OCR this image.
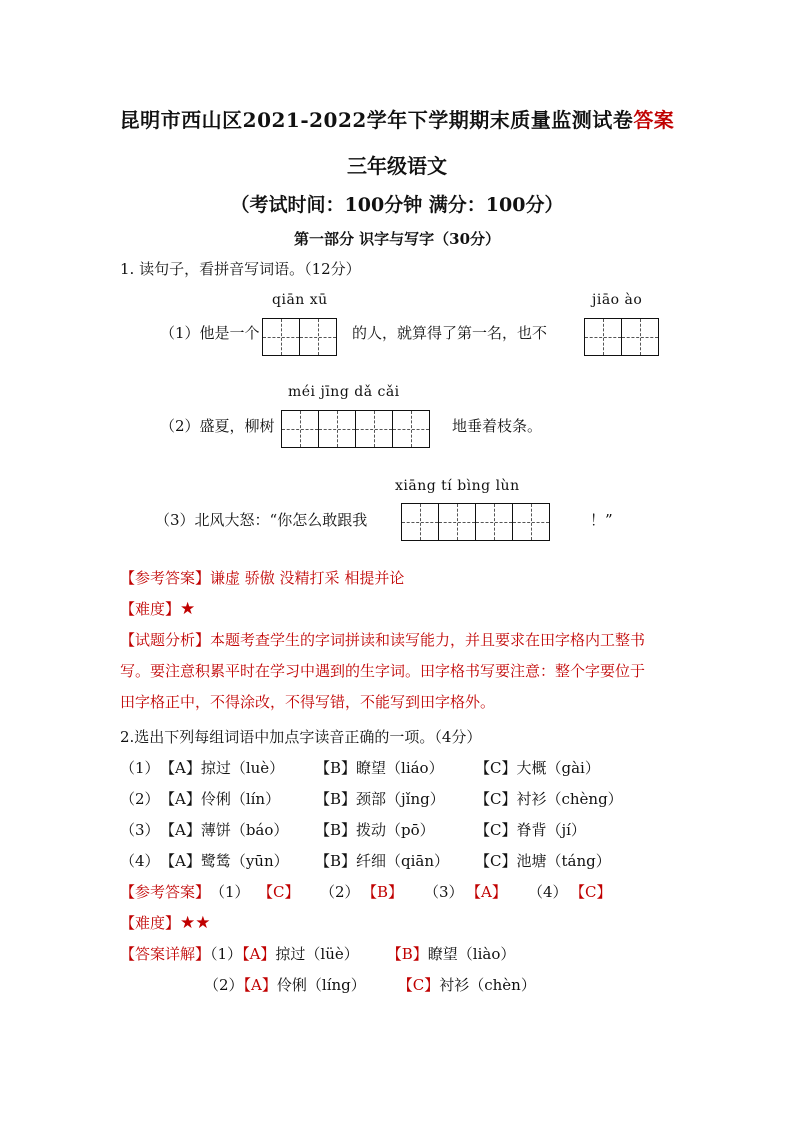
昆明市西山区2021-2022学年下学期期末质量监测试卷答案
三年级语文
（考试时间：100分钟 满分：100分）
第一部分 识字与写字（30分）
1. 读句子，看拼音写词语。（12分）
qiān xū	jiāo ào
（1）他是一个	的人，就算得了第一名，也不
méi jīng dǎ cǎi
（2）盛夏，柳树	地垂着枝条。
xiāng tí bìng lùn
（3）北风大怒：“你怎么敢跟我	！”
【参考答案】谦虚 骄傲 没精打采 相提并论
【难度】★
【试题分析】本题考查学生的字词拼读和读写能力，并且要求在田字格内工整书
写。要注意积累平时在学习中遇到的生字词。田字格书写要注意：整个字要位于
田字格正中，不得涂改，不得写错，不能写到田字格外。
2.选出下列每组词语中加点字读音正确的一项。（4分）
（1） 【A】掠过（luè） 【B】瞭望（liáo） 【C】大概（gài）
（2） 【A】伶俐（lín） 【B】颈部（jǐng） 【C】衬衫（chèng）
（3） 【A】薄饼（báo） 【B】拨动（pō）	【C】脊背（jí）
（4） 【A】鹭鸶（yūn） 【B】纤细（qiān） 【C】池塘（táng）
【参考答案】 （1） 【C】 （2） 【B】 （3） 【A】 （4） 【C】
【难度】★★
【答案详解】（1）【A】掠过（lüè） 【B】瞭望（liào）
（2）【A】伶俐（líng） 【C】衬衫（chèn）
